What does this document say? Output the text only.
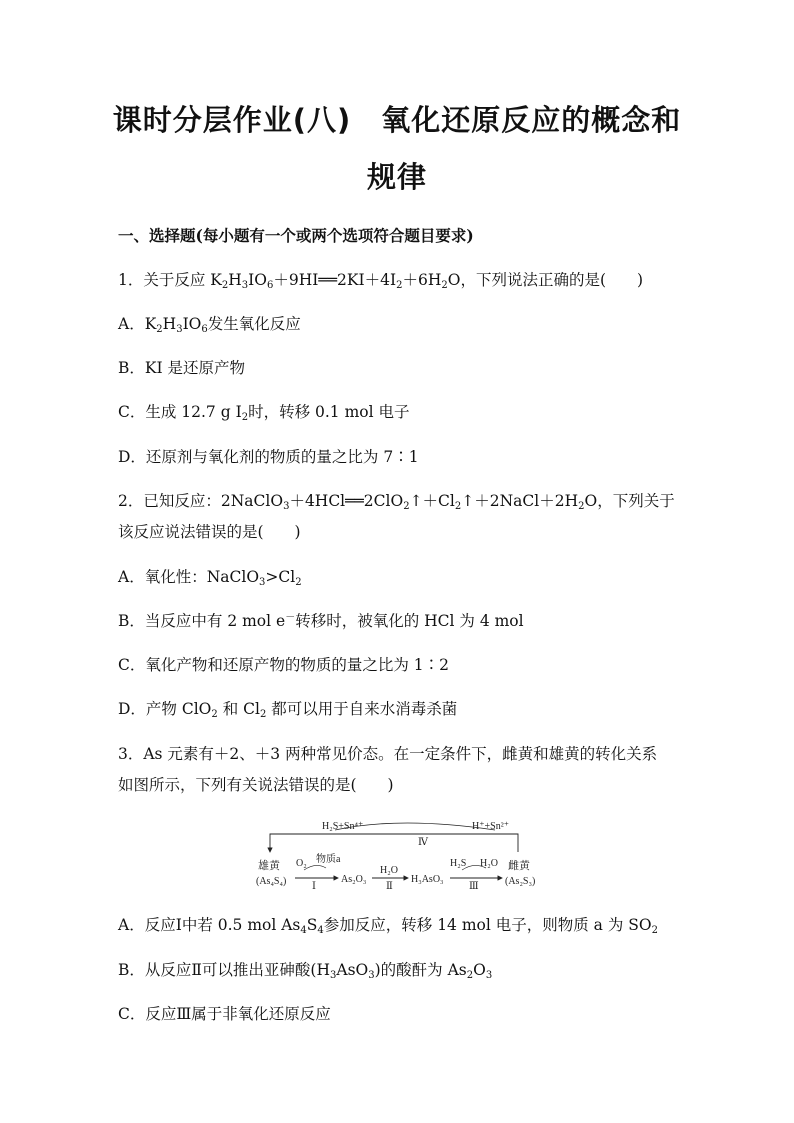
课时分层作业(八)　氧化还原反应的概念和
规律
一、选择题(每小题有一个或两个选项符合题目要求)
1．关于反应 $K_2H_3IO_6+9HI══2KI+4I_2+6H_2O$，下列说法正确的是(　　)
A．$K_2H_3IO_6$发生氧化反应
B．KI 是还原产物
C．生成 12.7 g $I_2$时，转移 0.1 mol 电子
D．还原剂与氧化剂的物质的量之比为 7∶1
2．已知反应：$2NaClO_3+4HCl══2ClO_2↑+Cl_2↑+2NaCl+2H_2O$，下列关于
该反应说法错误的是(　　)
A．氧化性：$NaClO_3>Cl_2$
B．当反应中有 2 mol e－转移时，被氧化的 HCl 为 4 mol
C．氧化产物和还原产物的物质的量之比为 1∶2
D．产物 ClO$_2$ 和 $Cl_2$ 都可以用于自来水消毒杀菌
3．As 元素有＋2、＋3 两种常见价态。在一定条件下，雌黄和雄黄的转化关系
如图所示，下列有关说法错误的是(　　)
H₂S+Sn⁴⁺	H⁺+Sn²⁺
Ⅳ
雄黄
(As₄S₄)
O₂ 物质a
Ⅰ
As₂O₃
H₂O
Ⅱ
H₃AsO₃
H₂S H₂O
Ⅲ
雌黄
(As₂S₃)
A．反应Ⅰ中若 0.5 mol $As_4S_4$参加反应，转移 14 mol 电子，则物质 a 为 $SO_2$
B．从反应Ⅱ可以推出亚砷酸$(H_3AsO_3)$的酸酐为 $As_2O_3$
C．反应Ⅲ属于非氧化还原反应
